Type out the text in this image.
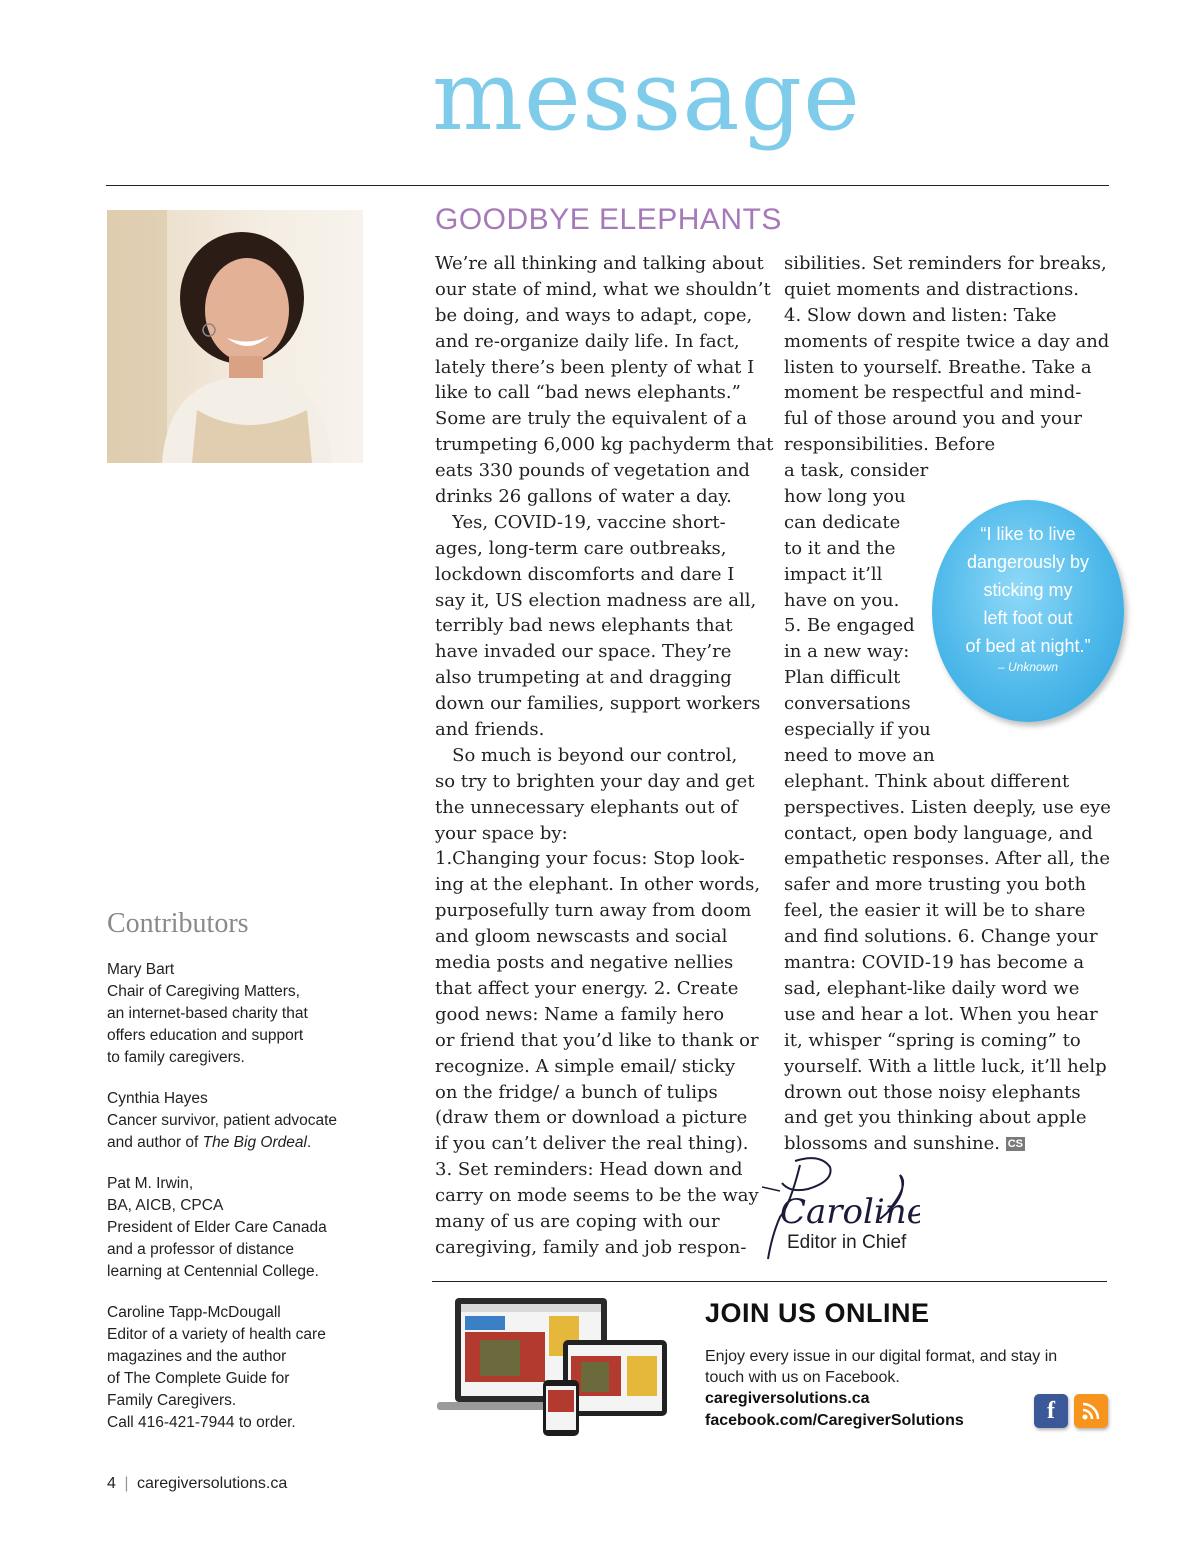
message
GOODBYE ELEPHANTS
We’re all thinking and talking about
our state of mind, what we shouldn’t
be doing, and ways to adapt, cope,
and re-organize daily life. In fact,
lately there’s been plenty of what I
like to call “bad news elephants.”
Some are truly the equivalent of a
trumpeting 6,000 kg pachyderm that
eats 330 pounds of vegetation and
drinks 26 gallons of water a day.
Yes, COVID-19, vaccine short-
ages, long-term care outbreaks,
lockdown discomforts and dare I
say it, US election madness are all,
terribly bad news elephants that
have invaded our space. They’re
also trumpeting at and dragging
down our families, support workers
and friends.
So much is beyond our control,
so try to brighten your day and get
the unnecessary elephants out of
your space by:
1.Changing your focus: Stop look-
ing at the elephant. In other words,
purposefully turn away from doom
and gloom newscasts and social
media posts and negative nellies
that affect your energy. 2. Create
good news: Name a family hero
or friend that you’d like to thank or
recognize. A simple email/ sticky
on the fridge/ a bunch of tulips
(draw them or download a picture
if you can’t deliver the real thing).
3. Set reminders: Head down and
carry on mode seems to be the way
many of us are coping with our
caregiving, family and job respon-
sibilities. Set reminders for breaks,
quiet moments and distractions.
4. Slow down and listen: Take
moments of respite twice a day and
listen to yourself. Breathe. Take a
moment be respectful and mind-
ful of those around you and your
responsibilities. Before
a task, consider
how long you
can dedicate
to it and the
impact it’ll
have on you.
5. Be engaged
in a new way:
Plan difficult
conversations
especially if you
need to move an
elephant. Think about different
perspectives. Listen deeply, use eye
contact, open body language, and
empathetic responses. After all, the
safer and more trusting you both
feel, the easier it will be to share
and find solutions. 6. Change your
mantra: COVID-19 has become a
sad, elephant-like daily word we
use and hear a lot. When you hear
it, whisper “spring is coming” to
yourself. With a little luck, it’ll help
drown out those noisy elephants
and get you thinking about apple
blossoms and sunshine. CS
“I like to live
dangerously by
sticking my
left foot out
of bed at night.”
– Unknown
Caroline
Editor in Chief
Contributors
Mary Bart
Chair of Caregiving Matters,
an internet-based charity that
offers education and support
to family caregivers.
Cynthia Hayes
Cancer survivor, patient advocate
and author of The Big Ordeal.
Pat M. Irwin,
BA, AICB, CPCA
President of Elder Care Canada
and a professor of distance
learning at Centennial College.
Caroline Tapp-McDougall
Editor of a variety of health care
magazines and the author
of The Complete Guide for
Family Caregivers.
Call 416-421-7944 to order.
JOIN US ONLINE
Enjoy every issue in our digital format, and stay in touch with us on Facebook.
caregiversolutions.ca
facebook.com/CaregiverSolutions	f
4 | caregiversolutions.ca
